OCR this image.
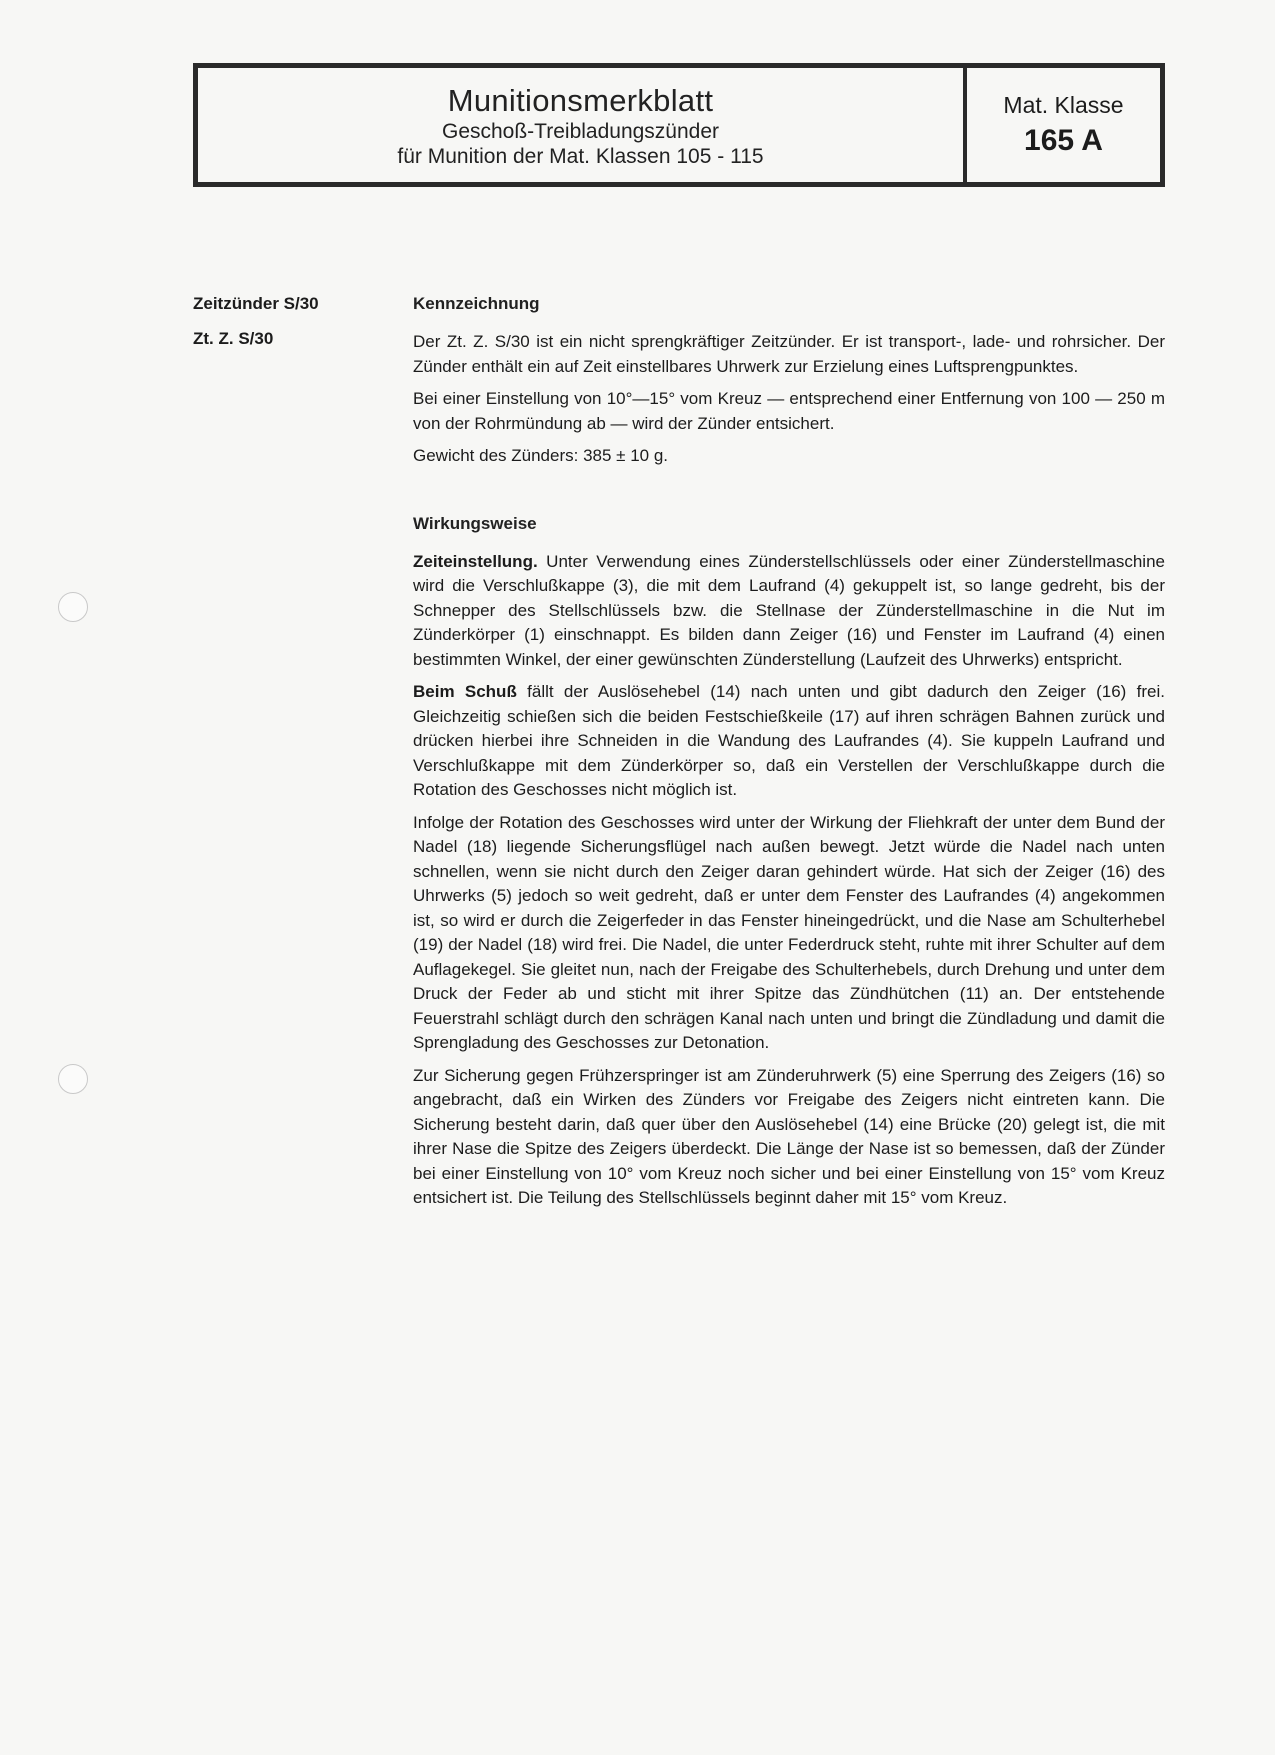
Munitionsmerkblatt
Geschoß-Treibladungszünder
für Munition der Mat. Klassen 105 - 115
Mat. Klasse
165 A
Zeitzünder S/30
Zt. Z. S/30
Kennzeichnung

Der Zt. Z. S/30 ist ein nicht sprengkräftiger Zeitzünder. Er ist transport-, lade- und rohrsicher. Der Zünder enthält ein auf Zeit einstellbares Uhrwerk zur Erzielung eines Luftsprengpunktes.

Bei einer Einstellung von 10°—15° vom Kreuz — entsprechend einer Entfernung von 100 — 250 m von der Rohrmündung ab — wird der Zünder entsichert.

Gewicht des Zünders: 385 ± 10 g.

Wirkungsweise

Zeiteinstellung. Unter Verwendung eines Zünderstellschlüssels oder einer Zünderstellmaschine wird die Verschlußkappe (3), die mit dem Laufrand (4) gekuppelt ist, so lange gedreht, bis der Schnepper des Stellschlüssels bzw. die Stellnase der Zünderstellmaschine in die Nut im Zünderkörper (1) einschnappt. Es bilden dann Zeiger (16) und Fenster im Laufrand (4) einen bestimmten Winkel, der einer gewünschten Zünderstellung (Laufzeit des Uhrwerks) entspricht.

Beim Schuß fällt der Auslösehebel (14) nach unten und gibt dadurch den Zeiger (16) frei. Gleichzeitig schießen sich die beiden Festschießkeile (17) auf ihren schrägen Bahnen zurück und drücken hierbei ihre Schneiden in die Wandung des Laufrandes (4). Sie kuppeln Laufrand und Verschlußkappe mit dem Zünderkörper so, daß ein Verstellen der Verschlußkappe durch die Rotation des Geschosses nicht möglich ist.

Infolge der Rotation des Geschosses wird unter der Wirkung der Fliehkraft der unter dem Bund der Nadel (18) liegende Sicherungsflügel nach außen bewegt. Jetzt würde die Nadel nach unten schnellen, wenn sie nicht durch den Zeiger daran gehindert würde. Hat sich der Zeiger (16) des Uhrwerks (5) jedoch so weit gedreht, daß er unter dem Fenster des Laufrandes (4) angekommen ist, so wird er durch die Zeigerfeder in das Fenster hineingedrückt, und die Nase am Schulterhebel (19) der Nadel (18) wird frei. Die Nadel, die unter Federdruck steht, ruhte mit ihrer Schulter auf dem Auflagekegel. Sie gleitet nun, nach der Freigabe des Schulterhebels, durch Drehung und unter dem Druck der Feder ab und sticht mit ihrer Spitze das Zündhütchen (11) an. Der entstehende Feuerstrahl schlägt durch den schrägen Kanal nach unten und bringt die Zündladung und damit die Sprengladung des Geschosses zur Detonation.

Zur Sicherung gegen Frühzerspringer ist am Zünderuhrwerk (5) eine Sperrung des Zeigers (16) so angebracht, daß ein Wirken des Zünders vor Freigabe des Zeigers nicht eintreten kann. Die Sicherung besteht darin, daß quer über den Auslösehebel (14) eine Brücke (20) gelegt ist, die mit ihrer Nase die Spitze des Zeigers überdeckt. Die Länge der Nase ist so bemessen, daß der Zünder bei einer Einstellung von 10° vom Kreuz noch sicher und bei einer Einstellung von 15° vom Kreuz entsichert ist. Die Teilung des Stellschlüssels beginnt daher mit 15° vom Kreuz.
